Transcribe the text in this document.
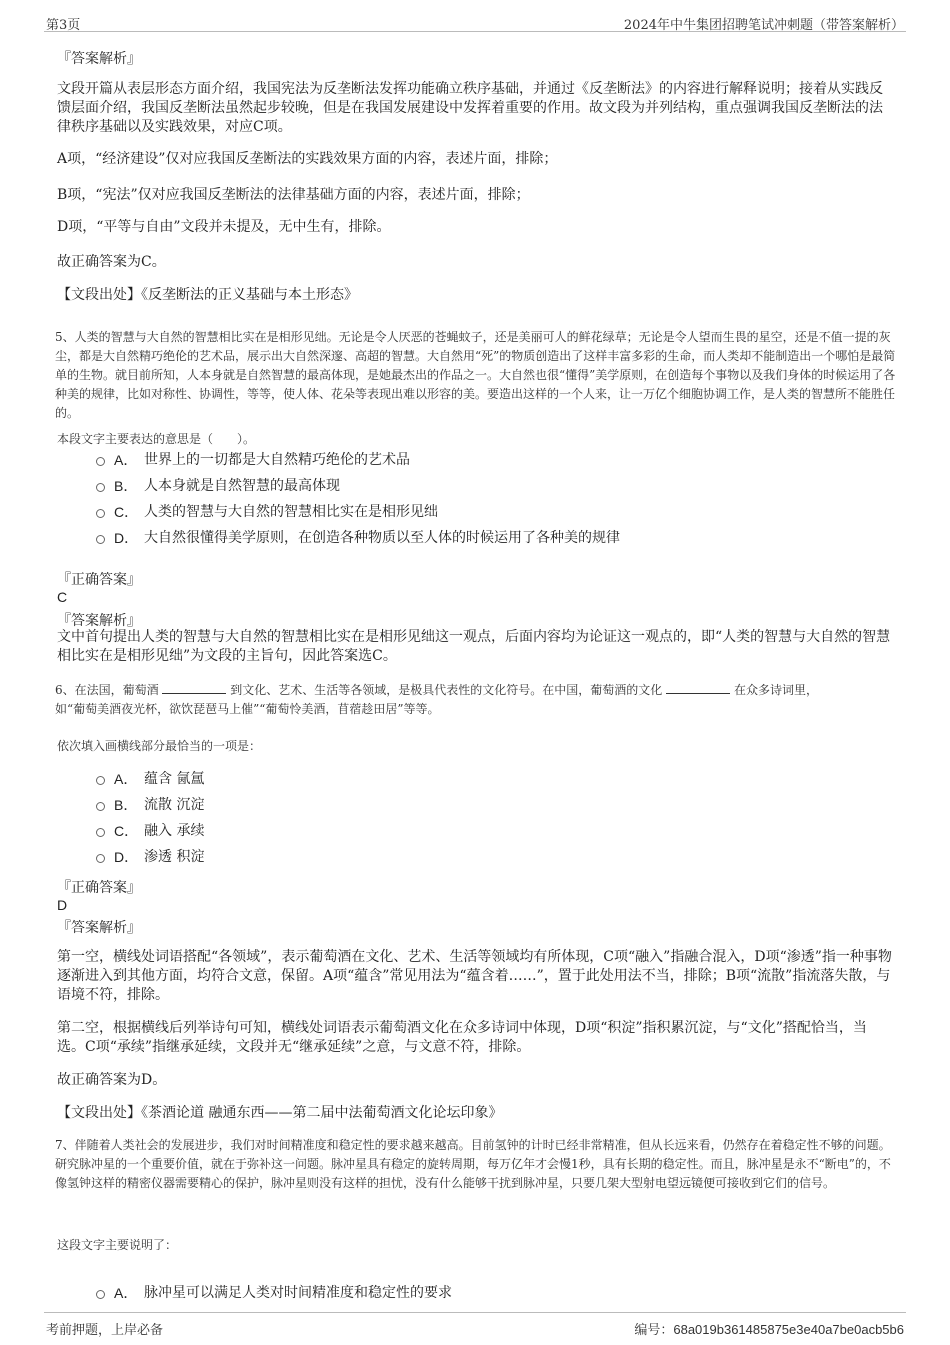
第3页	2024年中牛集团招聘笔试冲刺题（带答案解析）
『答案解析』
文段开篇从表层形态方面介绍，我国宪法为反垄断法发挥功能确立秩序基础，并通过《反垄断法》的内容进行解释说明；接着从实践反馈层面介绍，我国反垄断法虽然起步较晚，但是在我国发展建设中发挥着重要的作用。故文段为并列结构，重点强调我国反垄断法的法律秩序基础以及实践效果，对应C项。
A项，“经济建设”仅对应我国反垄断法的实践效果方面的内容，表述片面，排除；
B项，“宪法”仅对应我国反垄断法的法律基础方面的内容，表述片面，排除；
D项，“平等与自由”文段并未提及，无中生有，排除。
故正确答案为C。
【文段出处】《反垄断法的正义基础与本土形态》
5、人类的智慧与大自然的智慧相比实在是相形见绌。无论是令人厌恶的苍蝇蚊子，还是美丽可人的鲜花绿草；无论是令人望而生畏的星空，还是不值一提的灰尘，都是大自然精巧绝伦的艺术品，展示出大自然深邃、高超的智慧。大自然用“死”的物质创造出了这样丰富多彩的生命，而人类却不能制造出一个哪怕是最简单的生物。就目前所知，人本身就是自然智慧的最高体现，是她最杰出的作品之一。大自然也很“懂得”美学原则，在创造每个事物以及我们身体的时候运用了各种美的规律，比如对称性、协调性，等等，使人体、花朵等表现出难以形容的美。要造出这样的一个人来，让一万亿个细胞协调工作，是人类的智慧所不能胜任的。
本段文字主要表达的意思是（　　）。
A． 世界上的一切都是大自然精巧绝伦的艺术品
B． 人本身就是自然智慧的最高体现
C． 人类的智慧与大自然的智慧相比实在是相形见绌
D． 大自然很懂得美学原则，在创造各种物质以至人体的时候运用了各种美的规律
『正确答案』
C
『答案解析』
文中首句提出人类的智慧与大自然的智慧相比实在是相形见绌这一观点，后面内容均为论证这一观点的，即“人类的智慧与大自然的智慧相比实在是相形见绌”为文段的主旨句，因此答案选C。
6、在法国，葡萄酒	到文化、艺术、生活等各领域，是极具代表性的文化符号。在中国，葡萄酒的文化	在众多诗词里，
如“葡萄美酒夜光杯，欲饮琵琶马上催”“葡萄怜美酒，苜蓿趁田居”等等。
依次填入画横线部分最恰当的一项是：
A． 蕴含 氤氲
B． 流散 沉淀
C． 融入 承续
D． 渗透 积淀
『正确答案』
D
『答案解析』
第一空，横线处词语搭配“各领域”，表示葡萄酒在文化、艺术、生活等领域均有所体现，C项“融入”指融合混入，D项“渗透”指一种事物逐渐进入到其他方面，均符合文意，保留。A项“蕴含”常见用法为“蕴含着……”，置于此处用法不当，排除；B项“流散”指流落失散，与语境不符，排除。
第二空，根据横线后列举诗句可知，横线处词语表示葡萄酒文化在众多诗词中体现，D项“积淀”指积累沉淀，与“文化”搭配恰当，当选。C项“承续”指继承延续，文段并无“继承延续”之意，与文意不符，排除。
故正确答案为D。
【文段出处】《茶酒论道 融通东西——第二届中法葡萄酒文化论坛印象》
7、伴随着人类社会的发展进步，我们对时间精准度和稳定性的要求越来越高。目前氢钟的计时已经非常精准，但从长远来看，仍然存在着稳定性不够的问题。研究脉冲星的一个重要价值，就在于弥补这一问题。脉冲星具有稳定的旋转周期，每万亿年才会慢1秒，具有长期的稳定性。而且，脉冲星是永不“断电”的，不像氢钟这样的精密仪器需要精心的保护，脉冲星则没有这样的担忧，没有什么能够干扰到脉冲星，只要几架大型射电望远镜便可接收到它们的信号。
这段文字主要说明了：
A． 脉冲星可以满足人类对时间精准度和稳定性的要求
考前押题，上岸必备	编号：68a019b361485875e3e40a7be0acb5b6
